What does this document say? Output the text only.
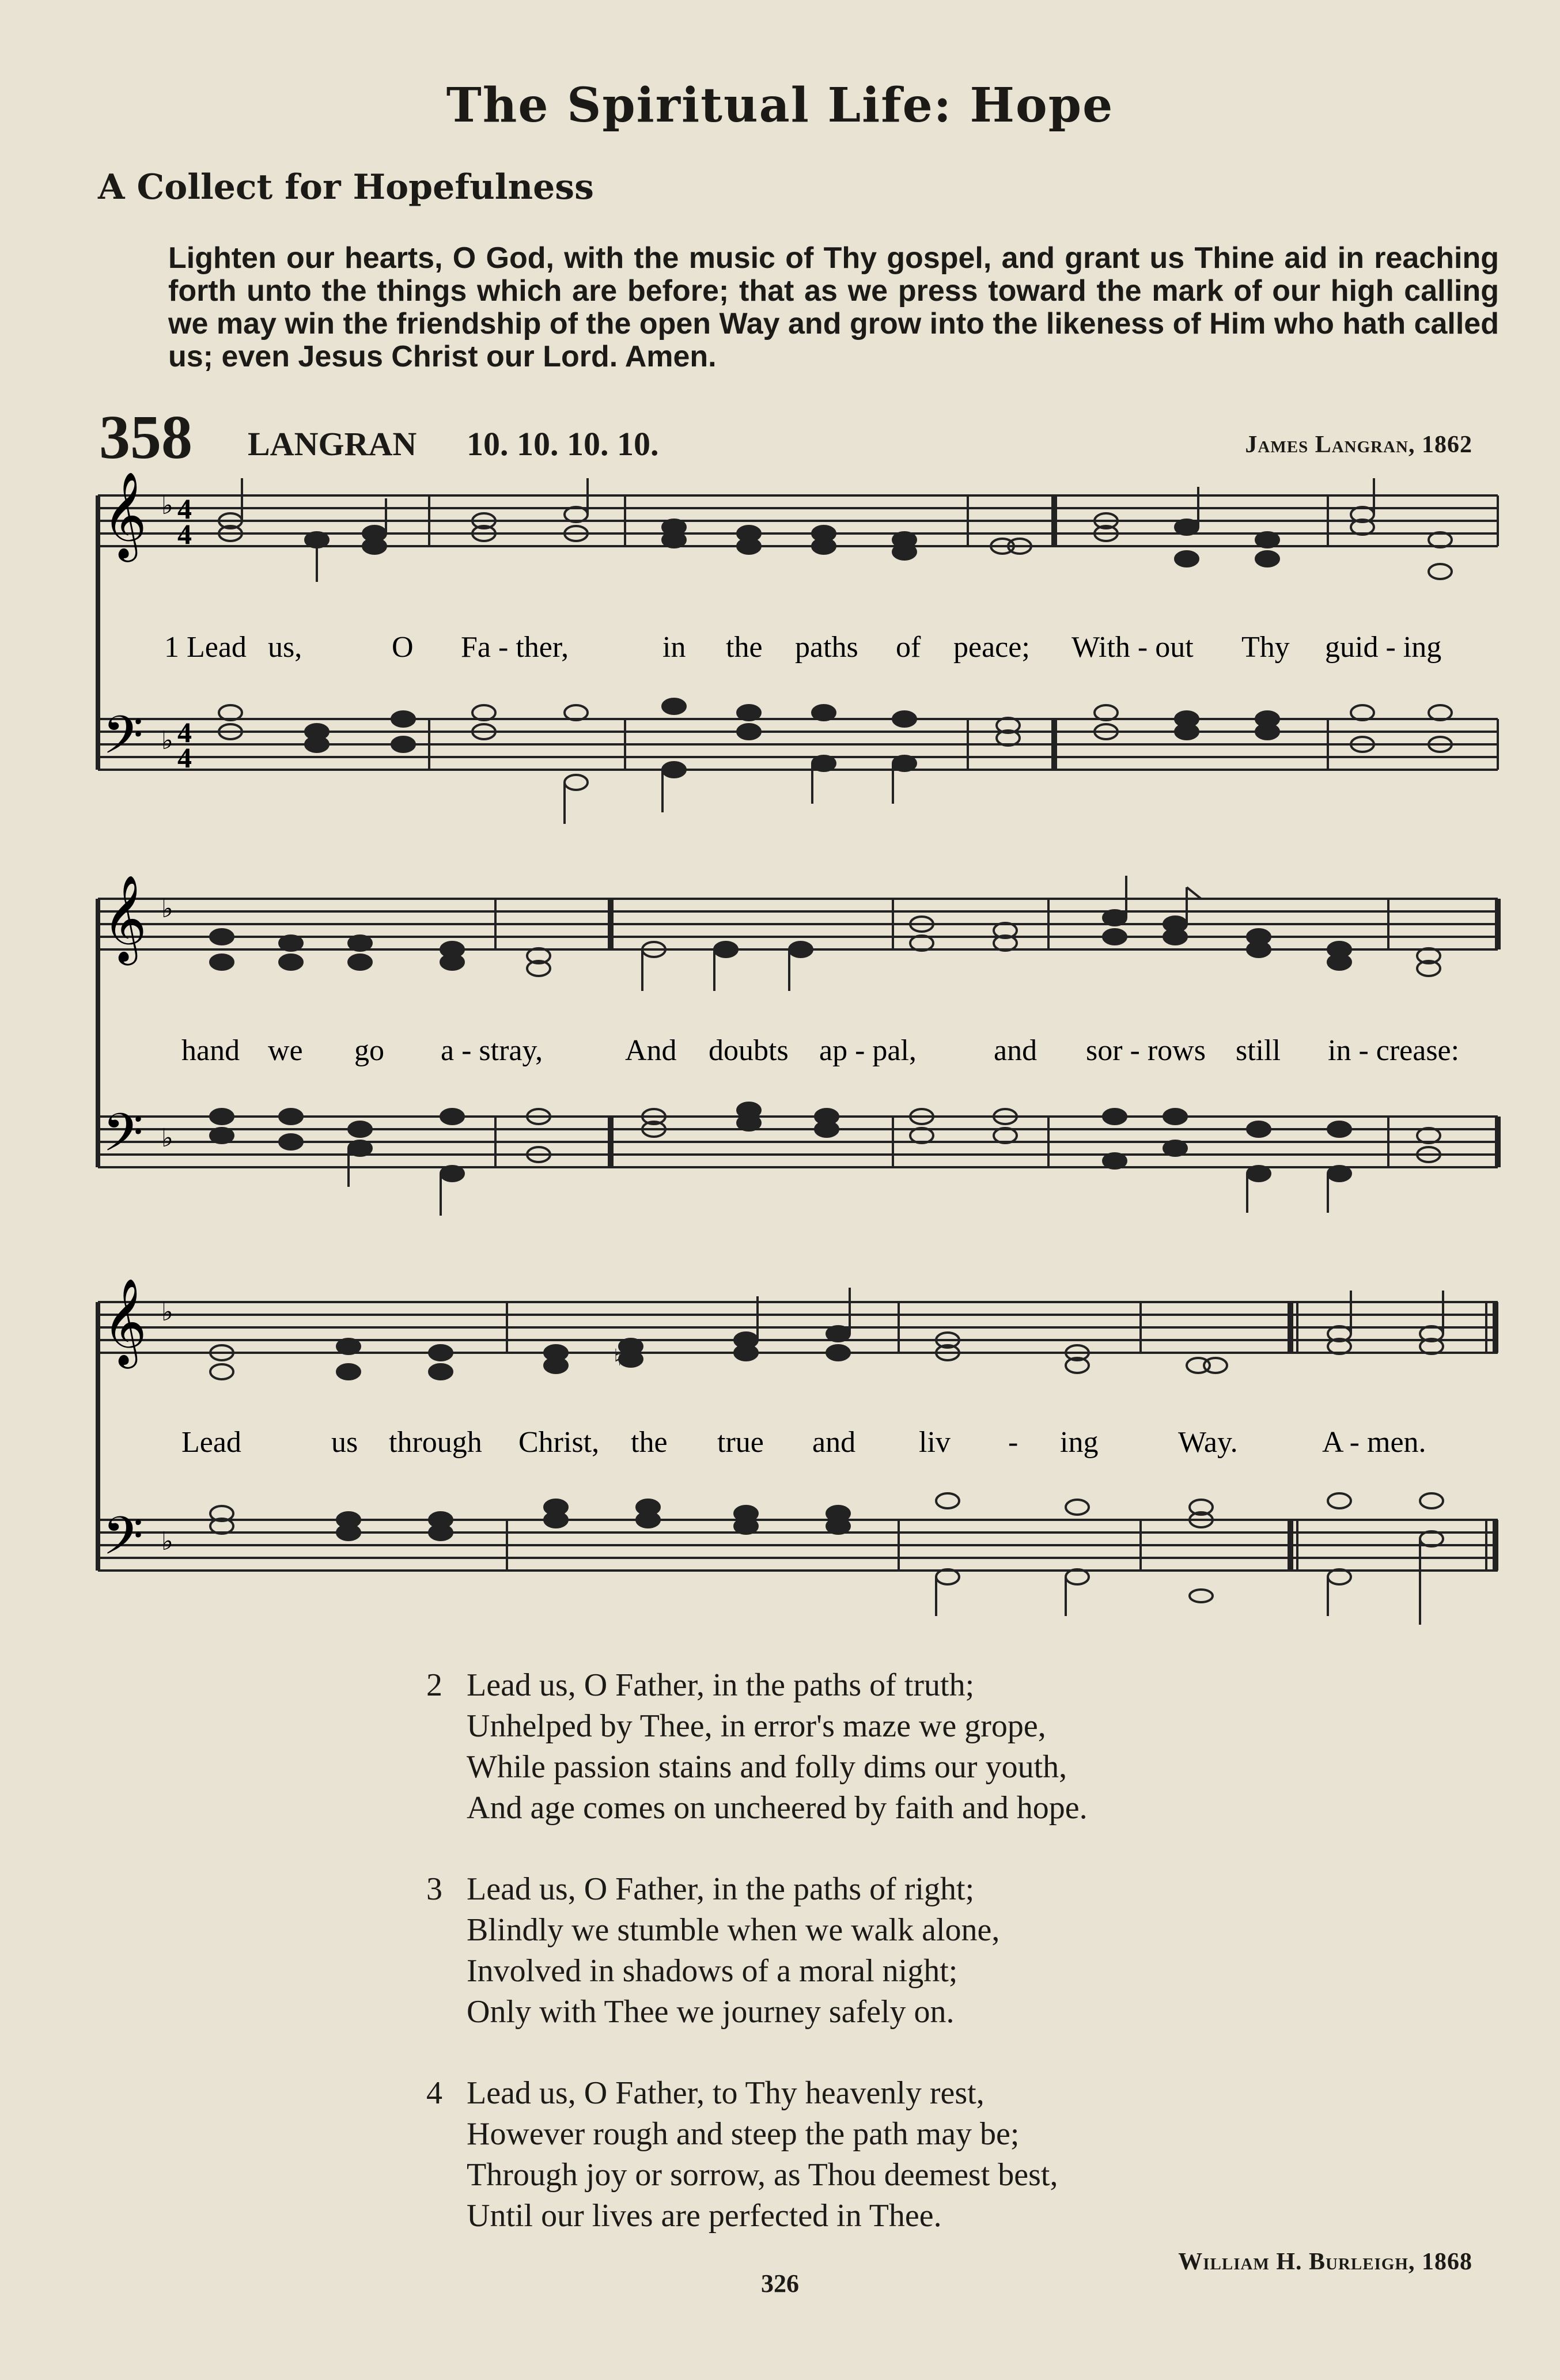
The Spiritual Life: Hope
A Collect for Hopefulness
Lighten our hearts, O God, with the music of Thy gospel, and grant us Thine aid in reaching forth unto the things which are before; that as we press toward the mark of our high calling we may win the friendship of the open Way and grow into the likeness of Him who hath called us; even Jesus Christ our Lord. Amen.
358 LANGRAN 10. 10. 10. 10.	James Langran, 1862
𝄞
𝄢
♭
♭
4
4
4
4
1 Lead us,	O Fa - ther,	in the paths of peace; With - out Thy guid - ing
𝄞
𝄢
♭
♭
hand we go a - stray,	And doubts ap - pal,	and sor - rows still in - crease:
𝄞
𝄢
♭
♭
♮
Lead	us through Christ, the true and liv - ing	Way.	A - men.
2 Lead us, O Father, in the paths of truth;
Unhelped by Thee, in error's maze we grope,
While passion stains and folly dims our youth,
And age comes on uncheered by faith and hope.
3 Lead us, O Father, in the paths of right;
Blindly we stumble when we walk alone,
Involved in shadows of a moral night;
Only with Thee we journey safely on.
4 Lead us, O Father, to Thy heavenly rest,
However rough and steep the path may be;
Through joy or sorrow, as Thou deemest best,
Until our lives are perfected in Thee.
William H. Burleigh, 1868
326
